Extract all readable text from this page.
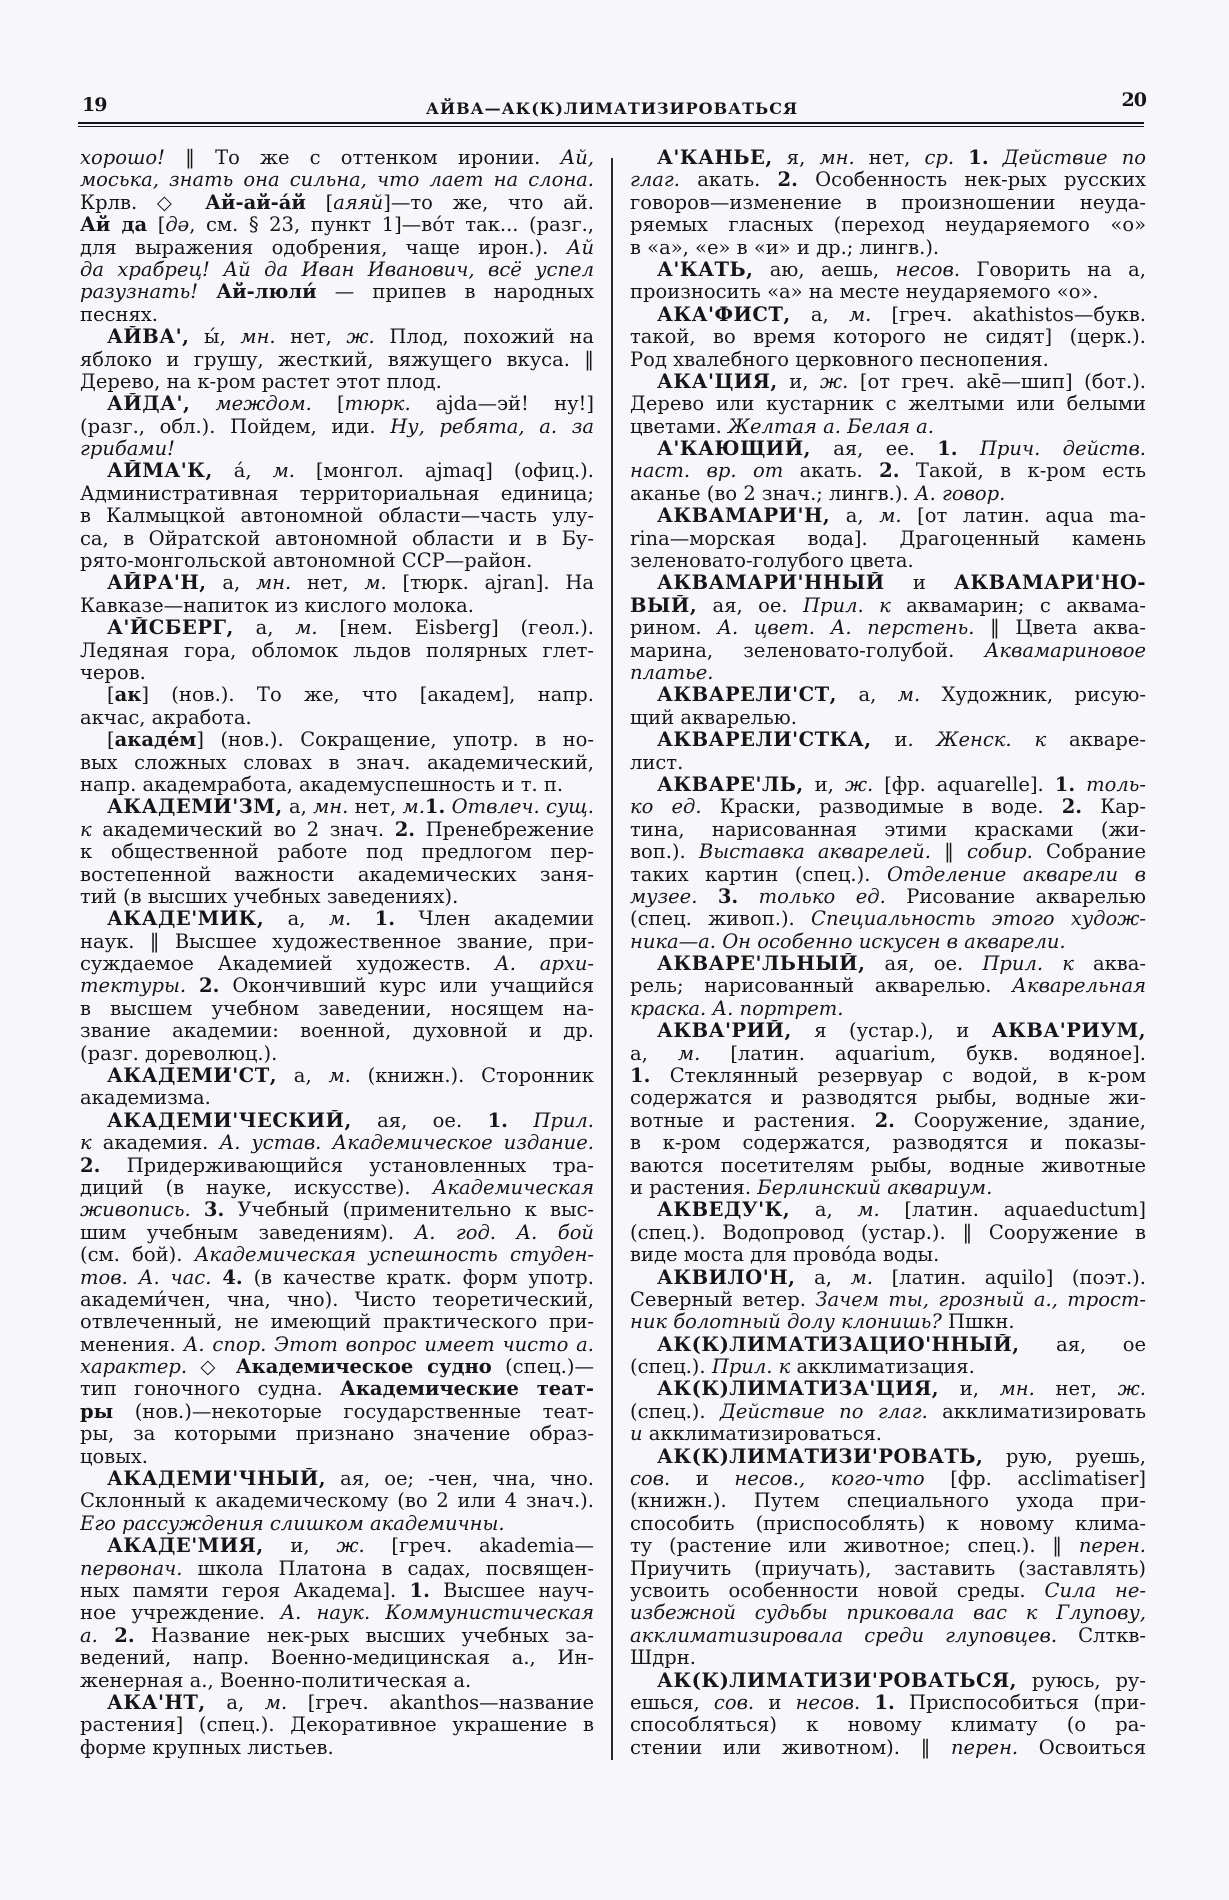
19	АЙВА—АК(К)ЛИМАТИЗИРОВАТЬСЯ	20
хорошо! ‖ То же с оттенком иронии. Ай,
моська, знать она сильна, что лает на слона.
Крлв. ◇ Ай-ай-а́й [аяяй]—то же, что ай.
Ай да [дә, см. § 23, пункт 1]—во́т так... (разг.,
для выражения одобрения, чаще ирон.). Ай
да храбрец! Ай да Иван Иванович, всё успел
разузнать! Ай-люли́ — припев в народных
песнях.
АЙВА', ы́, мн. нет, ж. Плод, похожий на
яблоко и грушу, жесткий, вяжущего вкуса. ‖
Дерево, на к-ром растет этот плод.
АЙДА', междом. [тюрк. ajda—эй! ну!]
(разг., обл.). Пойдем, иди. Ну, ребята, а. за
грибами!
АЙМА'К, а́, м. [монгол. ajmaq] (офиц.).
Административная территориальная единица;
в Калмыцкой автономной области—часть улу-
са, в Ойратской автономной области и в Бу-
рято-монгольской автономной ССР—район.
АЙРА'Н, а, мн. нет, м. [тюрк. ajran]. На
Кавказе—напиток из кислого молока.
А'ЙСБЕРГ, а, м. [нем. Eisberg] (геол.).
Ледяная гора, обломок льдов полярных глет-
черов.
[ак] (нов.). То же, что [академ], напр.
акчас, акработа.
[акаде́м] (нов.). Сокращение, употр. в но-
вых сложных словах в знач. академический,
напр. академработа, академуспешность и т. п.
АКАДЕМИ'ЗМ, а, мн. нет, м.1. Отвлеч. сущ.
к академический во 2 знач. 2. Пренебрежение
к общественной работе под предлогом пер-
востепенной важности академических заня-
тий (в высших учебных заведениях).
АКАДЕ'МИК, а, м. 1. Член академии
наук. ‖ Высшее художественное звание, при-
суждаемое Академией художеств. А. архи-
тектуры. 2. Окончивший курс или учащийся
в высшем учебном заведении, носящем на-
звание академии: военной, духовной и др.
(разг. дореволюц.).
АКАДЕМИ'СТ, а, м. (книжн.). Сторонник
академизма.
АКАДЕМИ'ЧЕСКИЙ, ая, ое. 1. Прил.
к академия. А. устав. Академическое издание.
2. Придерживающийся установленных тра-
диций (в науке, искусстве). Академическая
живопись. 3. Учебный (применительно к выс-
шим учебным заведениям). А. год. А. бой
(см. бой). Академическая успешность студен-
тов. А. час. 4. (в качестве кратк. форм употр.
академи́чен, чна, чно). Чисто теоретический,
отвлеченный, не имеющий практического при-
менения. А. спор. Этот вопрос имеет чисто а.
характер. ◇ Академическое судно (спец.)—
тип гоночного судна. Академические теат-
ры (нов.)—некоторые государственные теат-
ры, за которыми признано значение образ-
цовых.
АКАДЕМИ'ЧНЫЙ, ая, ое; -чен, чна, чно.
Склонный к академическому (во 2 или 4 знач.).
Его рассуждения слишком академичны.
АКАДЕ'МИЯ, и, ж. [греч. akademia—
первонач. школа Платона в садах, посвящен-
ных памяти героя Академа]. 1. Высшее науч-
ное учреждение. А. наук. Коммунистическая
а. 2. Название нек-рых высших учебных за-
ведений, напр. Военно-медицинская а., Ин-
женерная а., Военно-политическая а.
АКА'НТ, а, м. [греч. akanthos—название
растения] (спец.). Декоративное украшение в
форме крупных листьев.
А'КАНЬЕ, я, мн. нет, ср. 1. Действие по
глаг. акать. 2. Особенность нек-рых русских
говоров—изменение в произношении неуда-
ряемых гласных (переход неударяемого «о»
в «а», «е» в «и» и др.; лингв.).
А'КАТЬ, аю, аешь, несов. Говорить на а,
произносить «а» на месте неударяемого «о».
АКА'ФИСТ, а, м. [греч. akathistos—букв.
такой, во время которого не сидят] (церк.).
Род хвалебного церковного песнопения.
АКА'ЦИЯ, и, ж. [от греч. akē—шип] (бот.).
Дерево или кустарник с желтыми или белыми
цветами. Желтая а. Белая а.
А'КАЮЩИЙ, ая, ее. 1. Прич. действ.
наст. вр. от акать. 2. Такой, в к-ром есть
аканье (во 2 знач.; лингв.). А. говор.
АКВАМАРИ'Н, а, м. [от латин. aqua ma-
rina—морская вода]. Драгоценный камень
зеленовато-голубого цвета.
АКВАМАРИ'ННЫЙ и АКВАМАРИ'НО-
ВЫЙ, ая, ое. Прил. к аквамарин; с аквама-
рином. А. цвет. А. перстень. ‖ Цвета аква-
марина, зеленовато-голубой. Аквамариновое
платье.
АКВАРЕЛИ'СТ, а, м. Художник, рисую-
щий акварелью.
АКВАРЕЛИ'СТКА, и. Женск. к акваре-
лист.
АКВАРЕ'ЛЬ, и, ж. [фр. aquarelle]. 1. толь-
ко ед. Краски, разводимые в воде. 2. Кар-
тина, нарисованная этими красками (жи-
воп.). Выставка акварелей. ‖ собир. Собрание
таких картин (спец.). Отделение акварели в
музее. 3. только ед. Рисование акварелью
(спец. живоп.). Специальность этого худож-
ника—а. Он особенно искусен в акварели.
АКВАРЕ'ЛЬНЫЙ, ая, ое. Прил. к аква-
рель; нарисованный акварелью. Акварельная
краска. А. портрет.
АКВА'РИЙ, я (устар.), и АКВА'РИУМ,
а, м. [латин. aquarium, букв. водяное].
1. Стеклянный резервуар с водой, в к-ром
содержатся и разводятся рыбы, водные жи-
вотные и растения. 2. Сооружение, здание,
в к-ром содержатся, разводятся и показы-
ваются посетителям рыбы, водные животные
и растения. Берлинский аквариум.
АКВЕДУ'К, а, м. [латин. aquaeductum]
(спец.). Водопровод (устар.). ‖ Сооружение в
виде моста для прово́да воды.
АКВИЛО'Н, а, м. [латин. aquilo] (поэт.).
Северный ветер. Зачем ты, грозный а., трост-
ник болотный долу клонишь? Пшкн.
АК(К)ЛИМАТИЗАЦИО'ННЫЙ, ая, ое
(спец.). Прил. к акклиматизация.
АК(К)ЛИМАТИЗА'ЦИЯ, и, мн. нет, ж.
(спец.). Действие по глаг. акклиматизировать
и акклиматизироваться.
АК(К)ЛИМАТИЗИ'РОВАТЬ, рую, руешь,
сов. и несов., кого-что [фр. acclimatiser]
(книжн.). Путем специального ухода при-
способить (приспособлять) к новому клима-
ту (растение или животное; спец.). ‖ перен.
Приучить (приучать), заставить (заставлять)
усвоить особенности новой среды. Сила не-
избежной судьбы приковала вас к Глупову,
акклиматизировала среди глуповцев. Слткв-
Шдрн.
АК(К)ЛИМАТИЗИ'РОВАТЬСЯ, руюсь, ру-
ешься, сов. и несов. 1. Приспособиться (при-
способляться) к новому климату (о ра-
стении или животном). ‖ перен. Освоиться
